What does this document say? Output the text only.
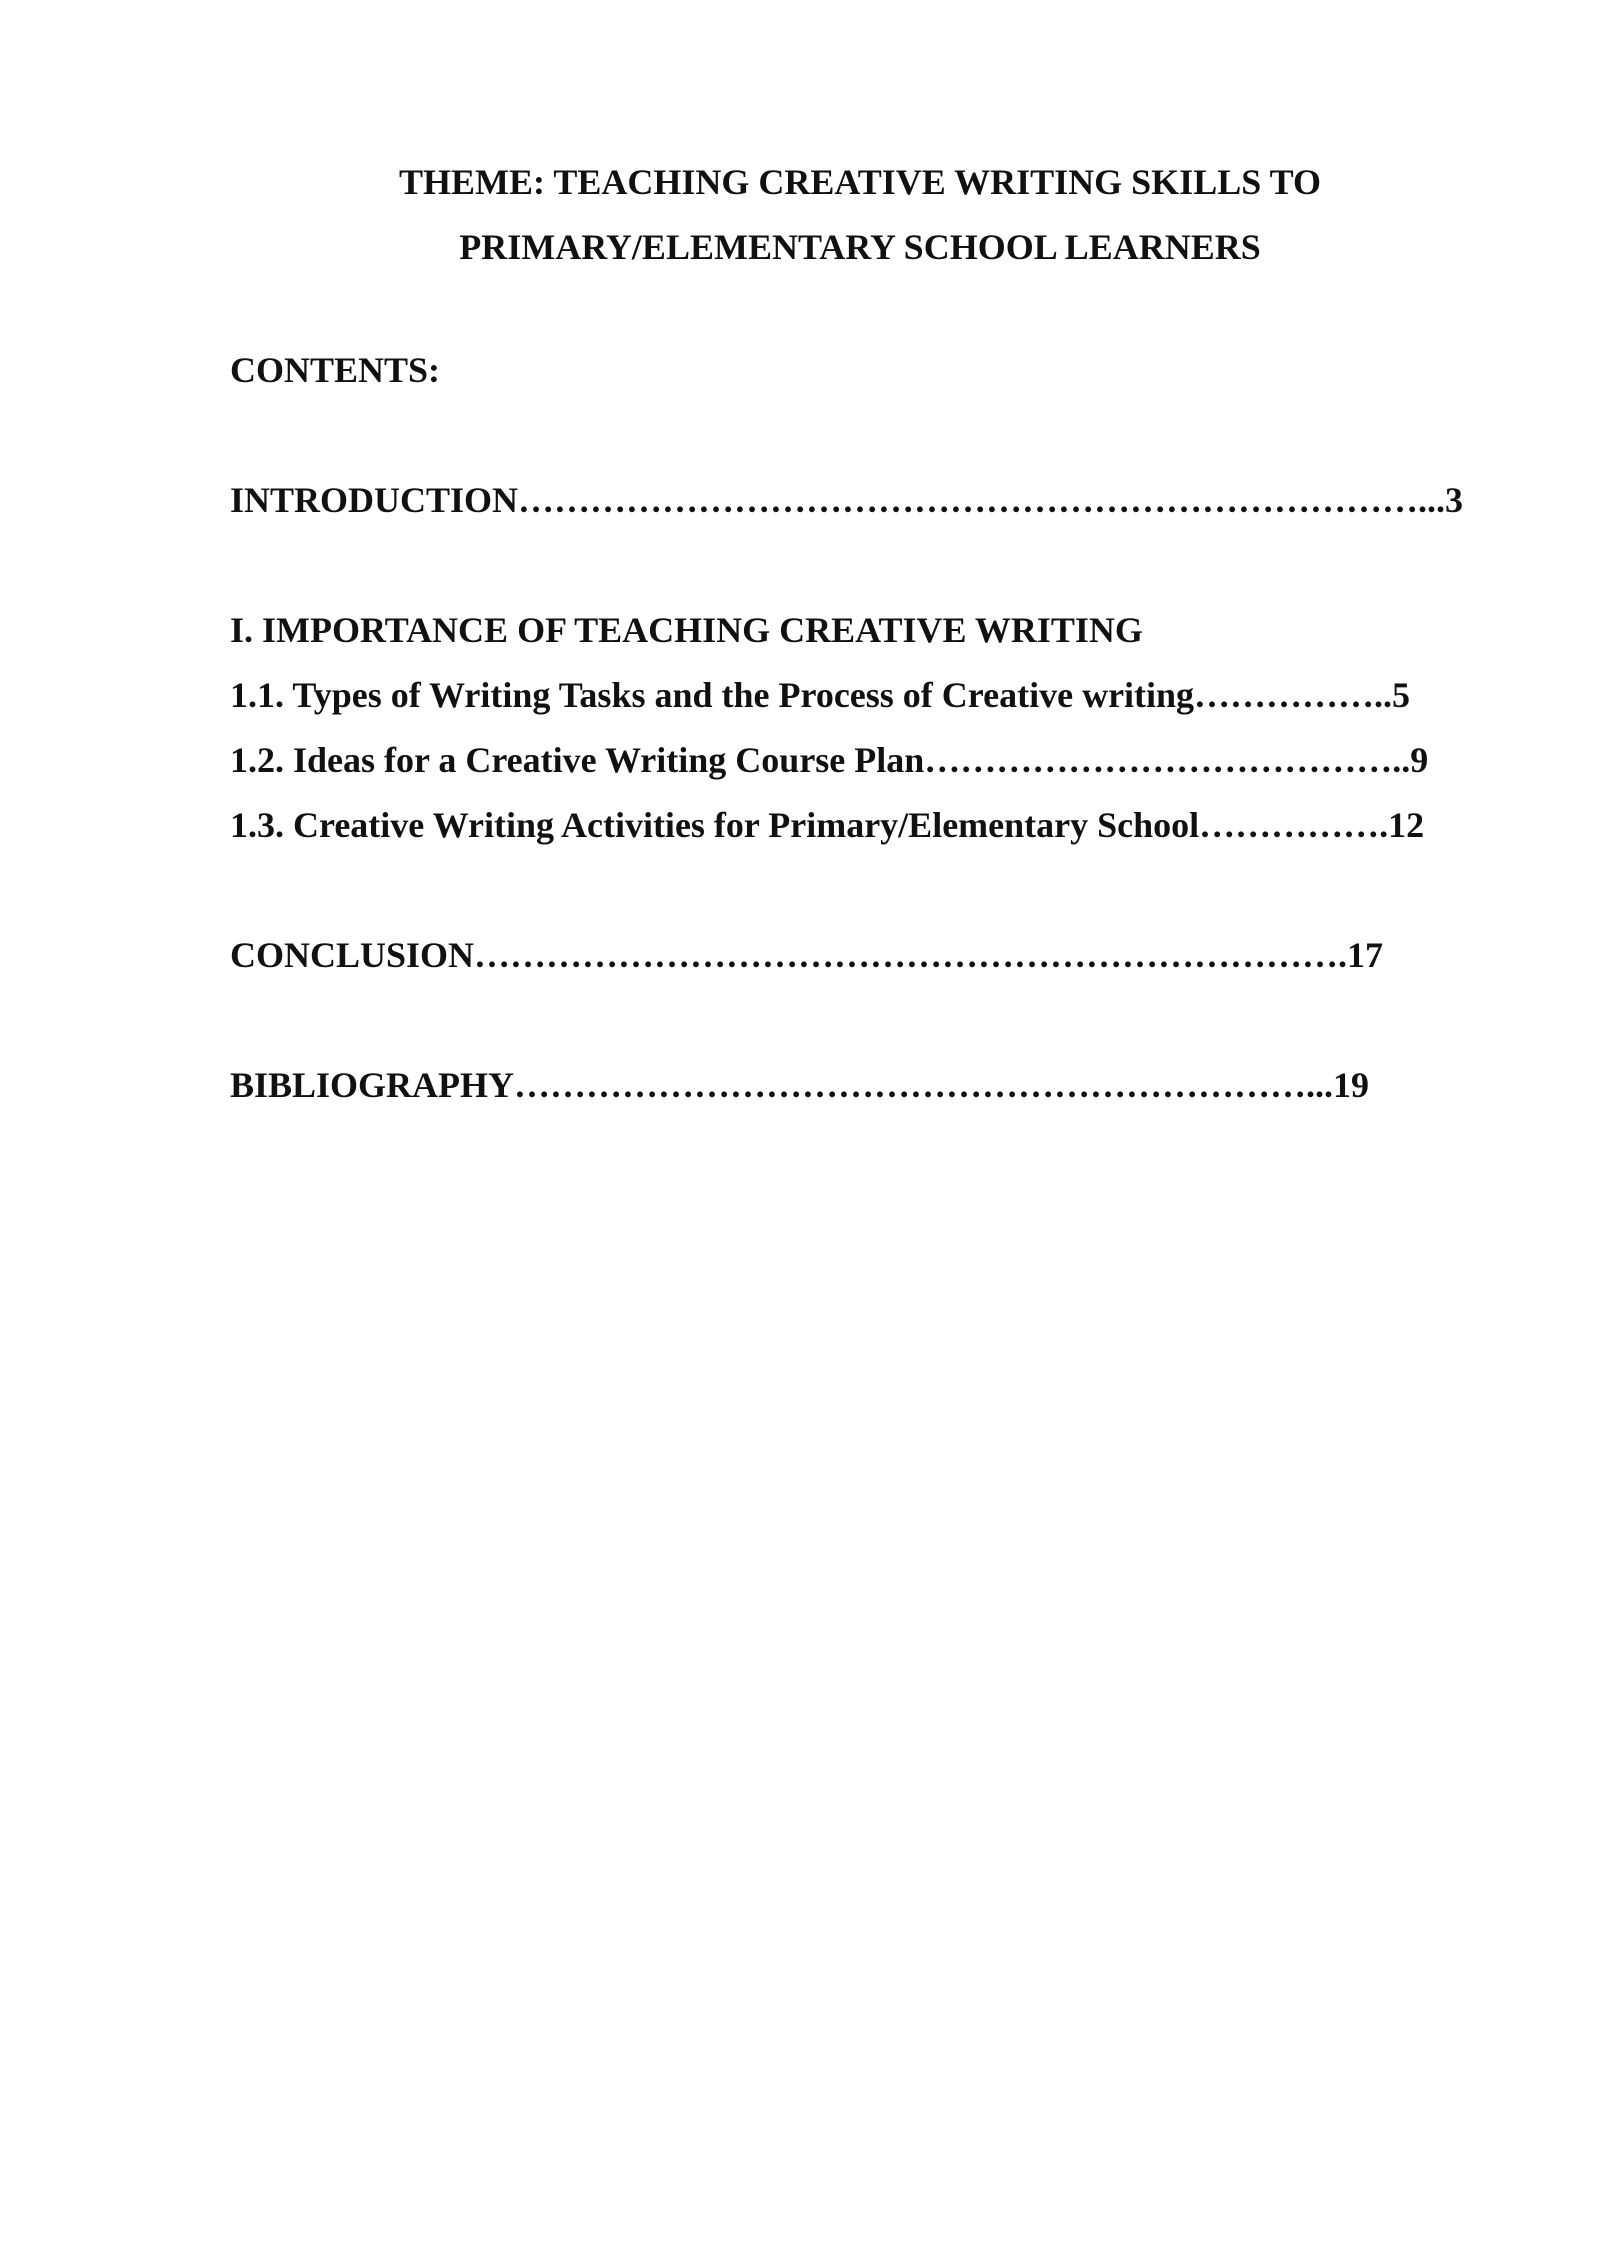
THEME: TEACHING CREATIVE WRITING SKILLS TO
PRIMARY/ELEMENTARY SCHOOL LEARNERS
CONTENTS:
INTRODUCTION…………………………………………………………………...3
I. IMPORTANCE OF TEACHING CREATIVE WRITING
1.1. Types of Writing Tasks and the Process of Creative writing……………..5
1.2. Ideas for a Creative Writing Course Plan…………………………………..9
1.3. Creative Writing Activities for Primary/Elementary School…………….12
CONCLUSION……………………………………………………………….17
BIBLIOGRAPHY…………………………………………………………...19
